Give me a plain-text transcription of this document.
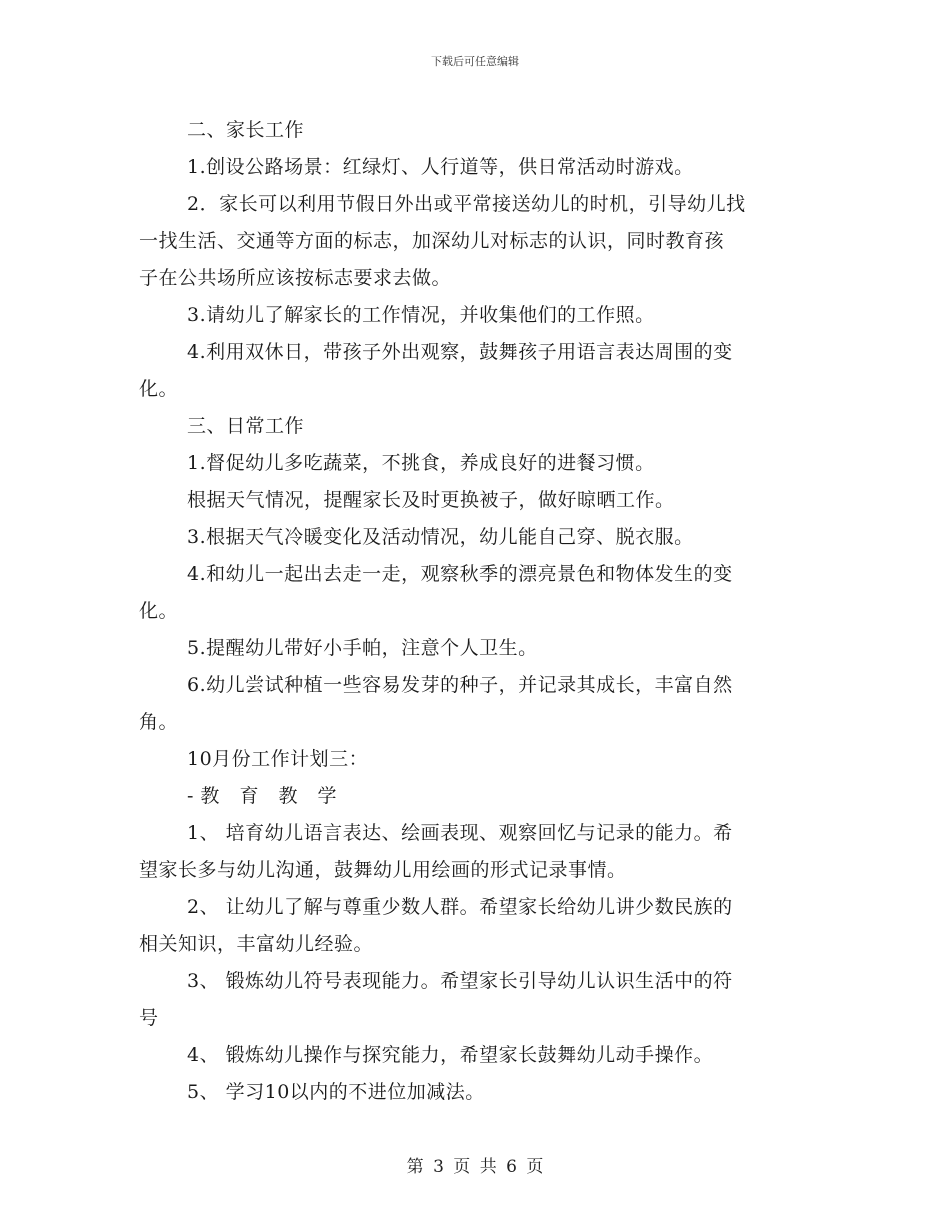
下载后可任意编辑
二、家长工作
1.创设公路场景：红绿灯、人行道等，供日常活动时游戏。
2．家长可以利用节假日外出或平常接送幼儿的时机，引导幼儿找
一找生活、交通等方面的标志，加深幼儿对标志的认识，同时教育孩
子在公共场所应该按标志要求去做。
3.请幼儿了解家长的工作情况，并收集他们的工作照。
4.利用双休日，带孩子外出观察，鼓舞孩子用语言表达周围的变
化。
三、日常工作
1.督促幼儿多吃蔬菜，不挑食，养成良好的进餐习惯。
根据天气情况，提醒家长及时更换被子，做好晾晒工作。
3.根据天气冷暖变化及活动情况，幼儿能自己穿、脱衣服。
4.和幼儿一起出去走一走，观察秋季的漂亮景色和物体发生的变
化。
5.提醒幼儿带好小手帕，注意个人卫生。
6.幼儿尝试种植一些容易发芽的种子，并记录其成长，丰富自然
角。
10月份工作计划三：
-教 育 教 学
1、 培育幼儿语言表达、绘画表现、观察回忆与记录的能力。希
望家长多与幼儿沟通，鼓舞幼儿用绘画的形式记录事情。
2、 让幼儿了解与尊重少数人群。希望家长给幼儿讲少数民族的
相关知识，丰富幼儿经验。
3、 锻炼幼儿符号表现能力。希望家长引导幼儿认识生活中的符
号
4、 锻炼幼儿操作与探究能力，希望家长鼓舞幼儿动手操作。
5、 学习10以内的不进位加减法。
第 3 页 共 6 页
